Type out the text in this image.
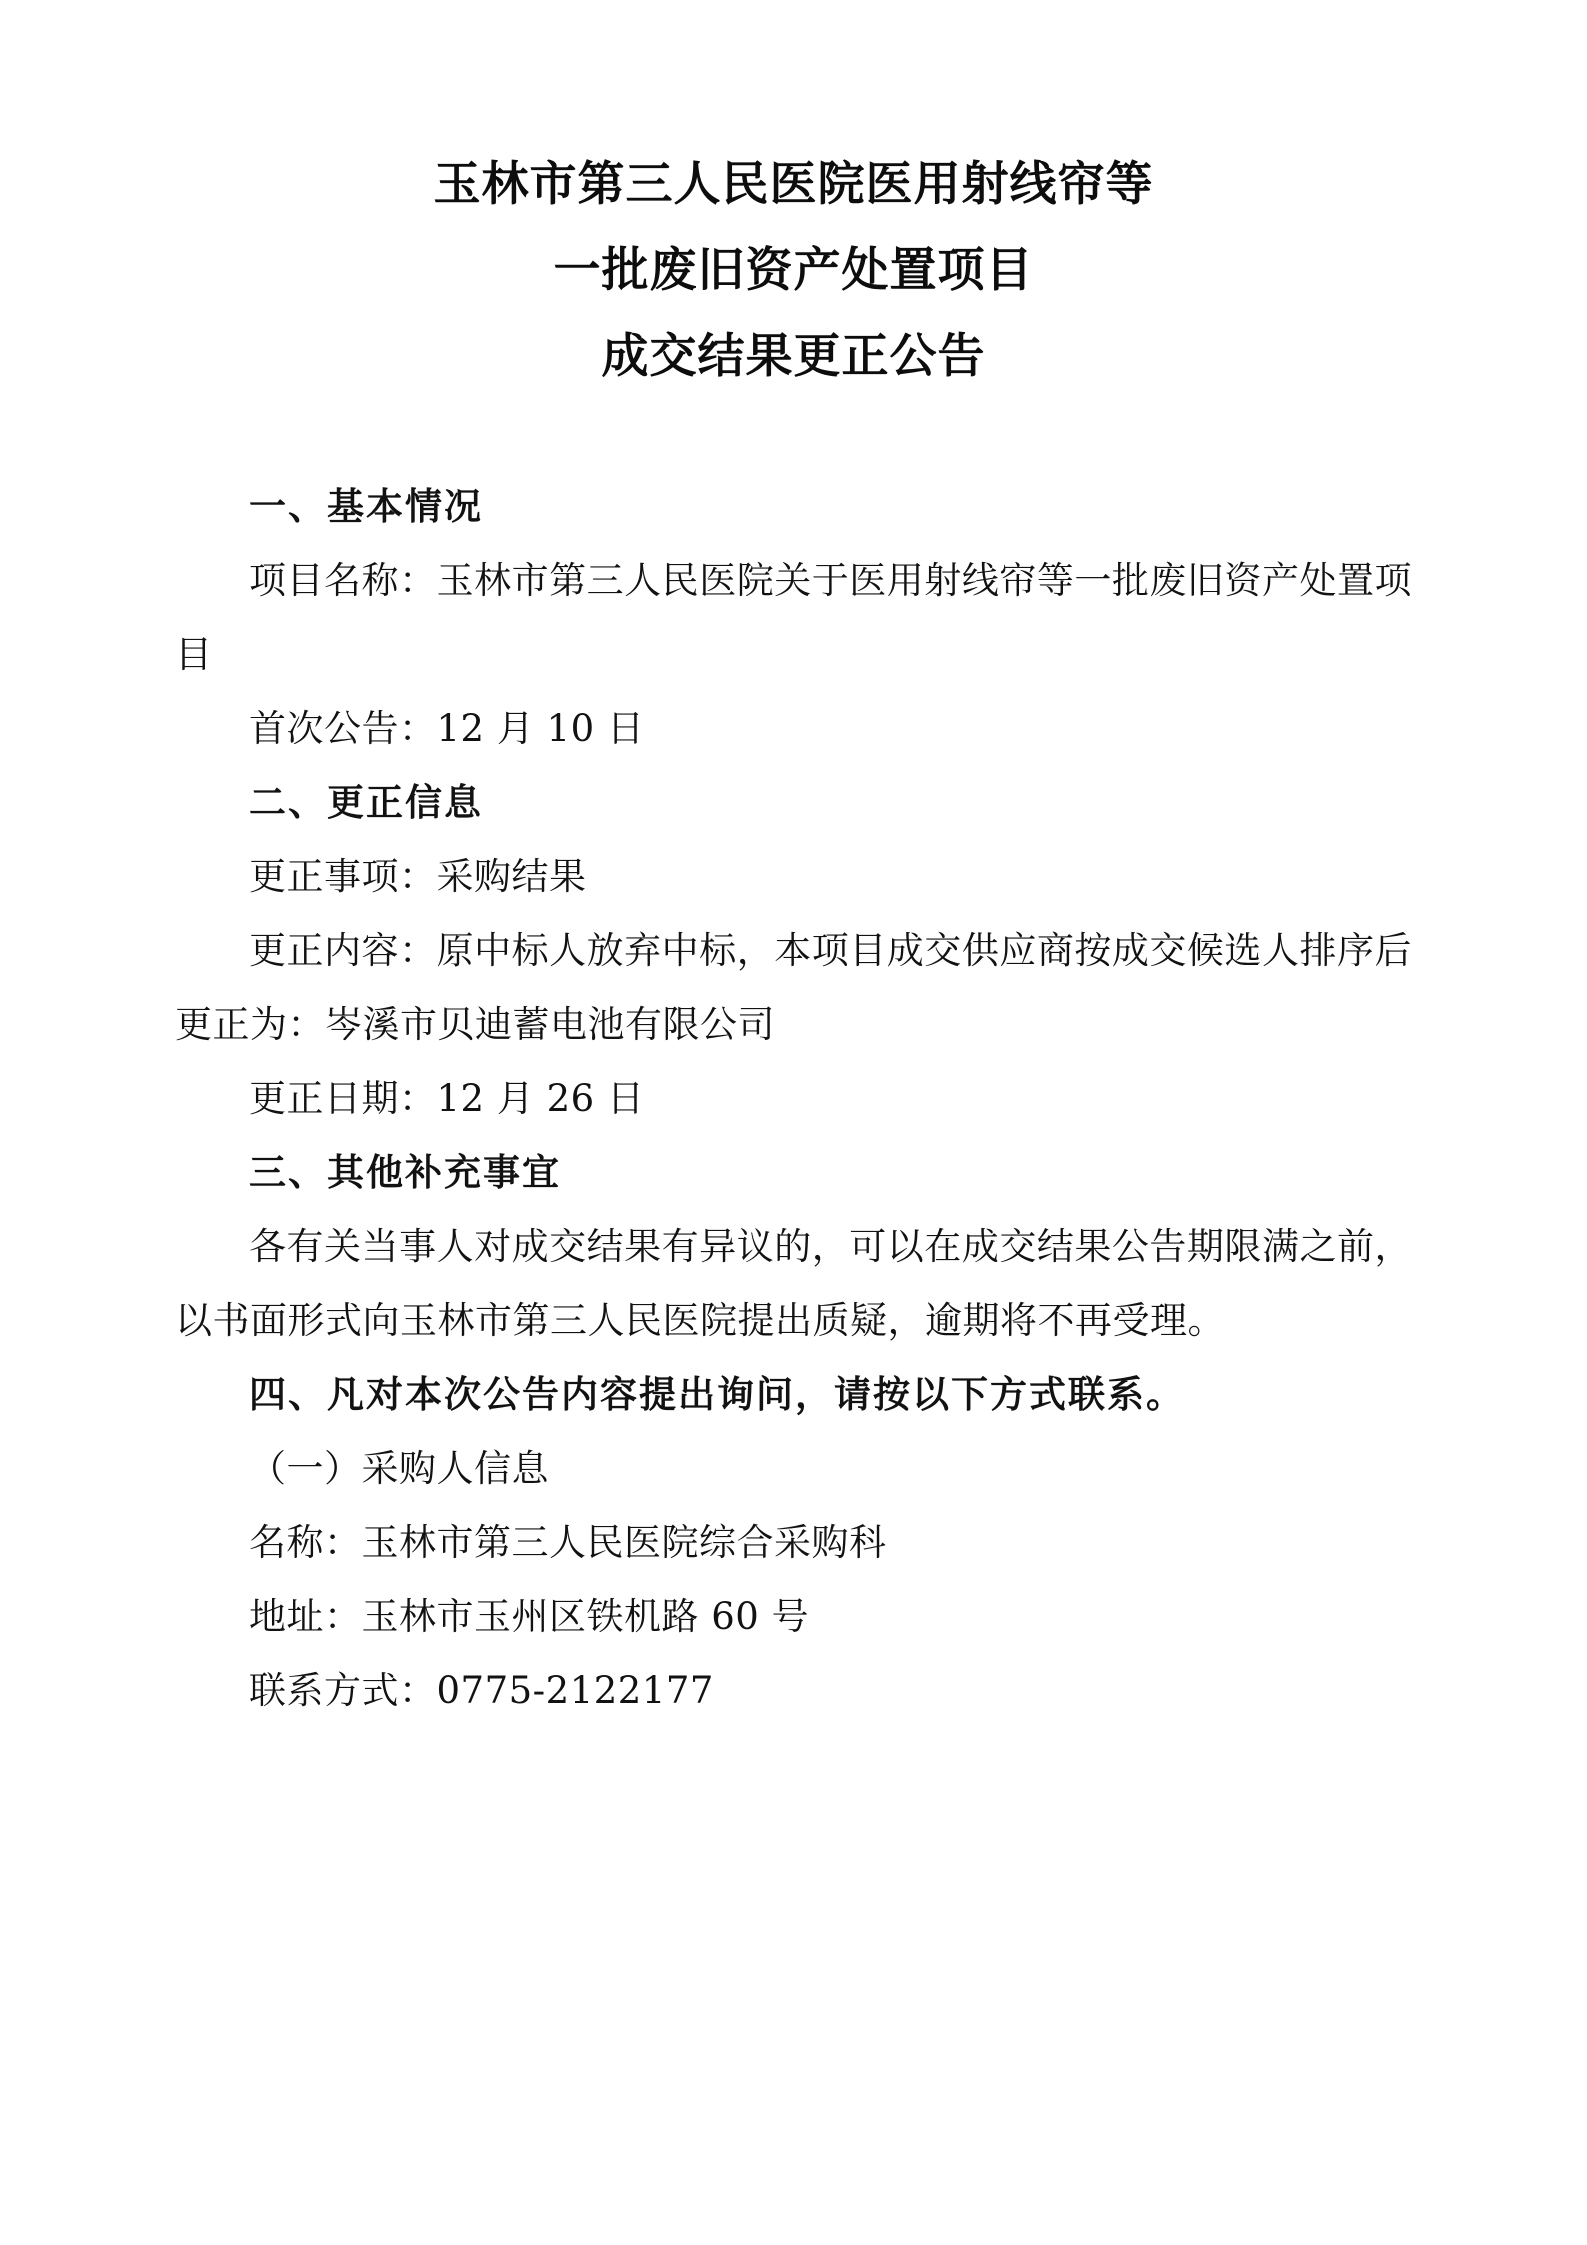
玉林市第三人民医院医用射线帘等
一批废旧资产处置项目
成交结果更正公告

一、基本情况

项目名称：玉林市第三人民医院关于医用射线帘等一批废旧资产处置项目

首次公告：12 月 10 日

二、更正信息

更正事项：采购结果

更正内容：原中标人放弃中标，本项目成交供应商按成交候选人排序后更正为：岑溪市贝迪蓄电池有限公司

更正日期：12 月 26 日

三、其他补充事宜

各有关当事人对成交结果有异议的，可以在成交结果公告期限满之前，以书面形式向玉林市第三人民医院提出质疑，逾期将不再受理。

四、凡对本次公告内容提出询问，请按以下方式联系。

（一）采购人信息

名称：玉林市第三人民医院综合采购科

地址：玉林市玉州区铁机路 60 号

联系方式：0775-2122177
